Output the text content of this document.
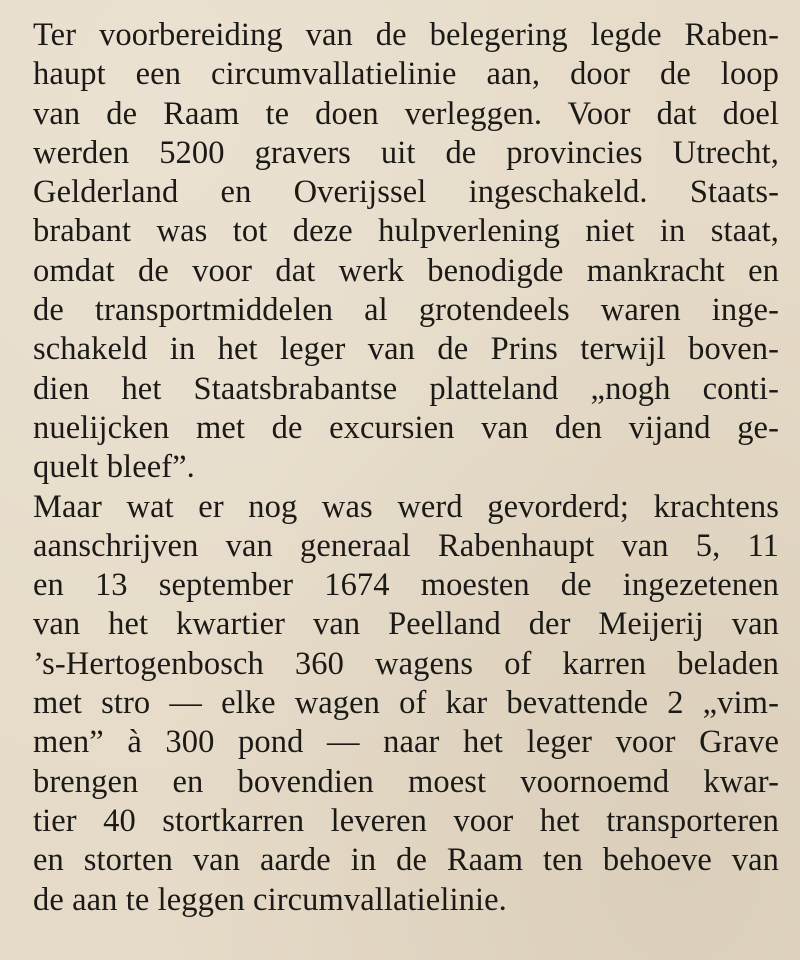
Ter voorbereiding van de belegering legde Raben-
haupt een circumvallatielinie aan, door de loop
van de Raam te doen verleggen. Voor dat doel
werden 5200 gravers uit de provincies Utrecht,
Gelderland en Overijssel ingeschakeld. Staats-
brabant was tot deze hulpverlening niet in staat,
omdat de voor dat werk benodigde mankracht en
de transportmiddelen al grotendeels waren inge-
schakeld in het leger van de Prins terwijl boven-
dien het Staatsbrabantse platteland „nogh conti-
nuelijcken met de excursien van den vijand ge-
quelt bleef”.
Maar wat er nog was werd gevorderd; krachtens
aanschrijven van generaal Rabenhaupt van 5, 11
en 13 september 1674 moesten de ingezetenen
van het kwartier van Peelland der Meijerij van
’s-Hertogenbosch 360 wagens of karren beladen
met stro — elke wagen of kar bevattende 2 „vim-
men” à 300 pond — naar het leger voor Grave
brengen en bovendien moest voornoemd kwar-
tier 40 stortkarren leveren voor het transporteren
en storten van aarde in de Raam ten behoeve van
de aan te leggen circumvallatielinie.
